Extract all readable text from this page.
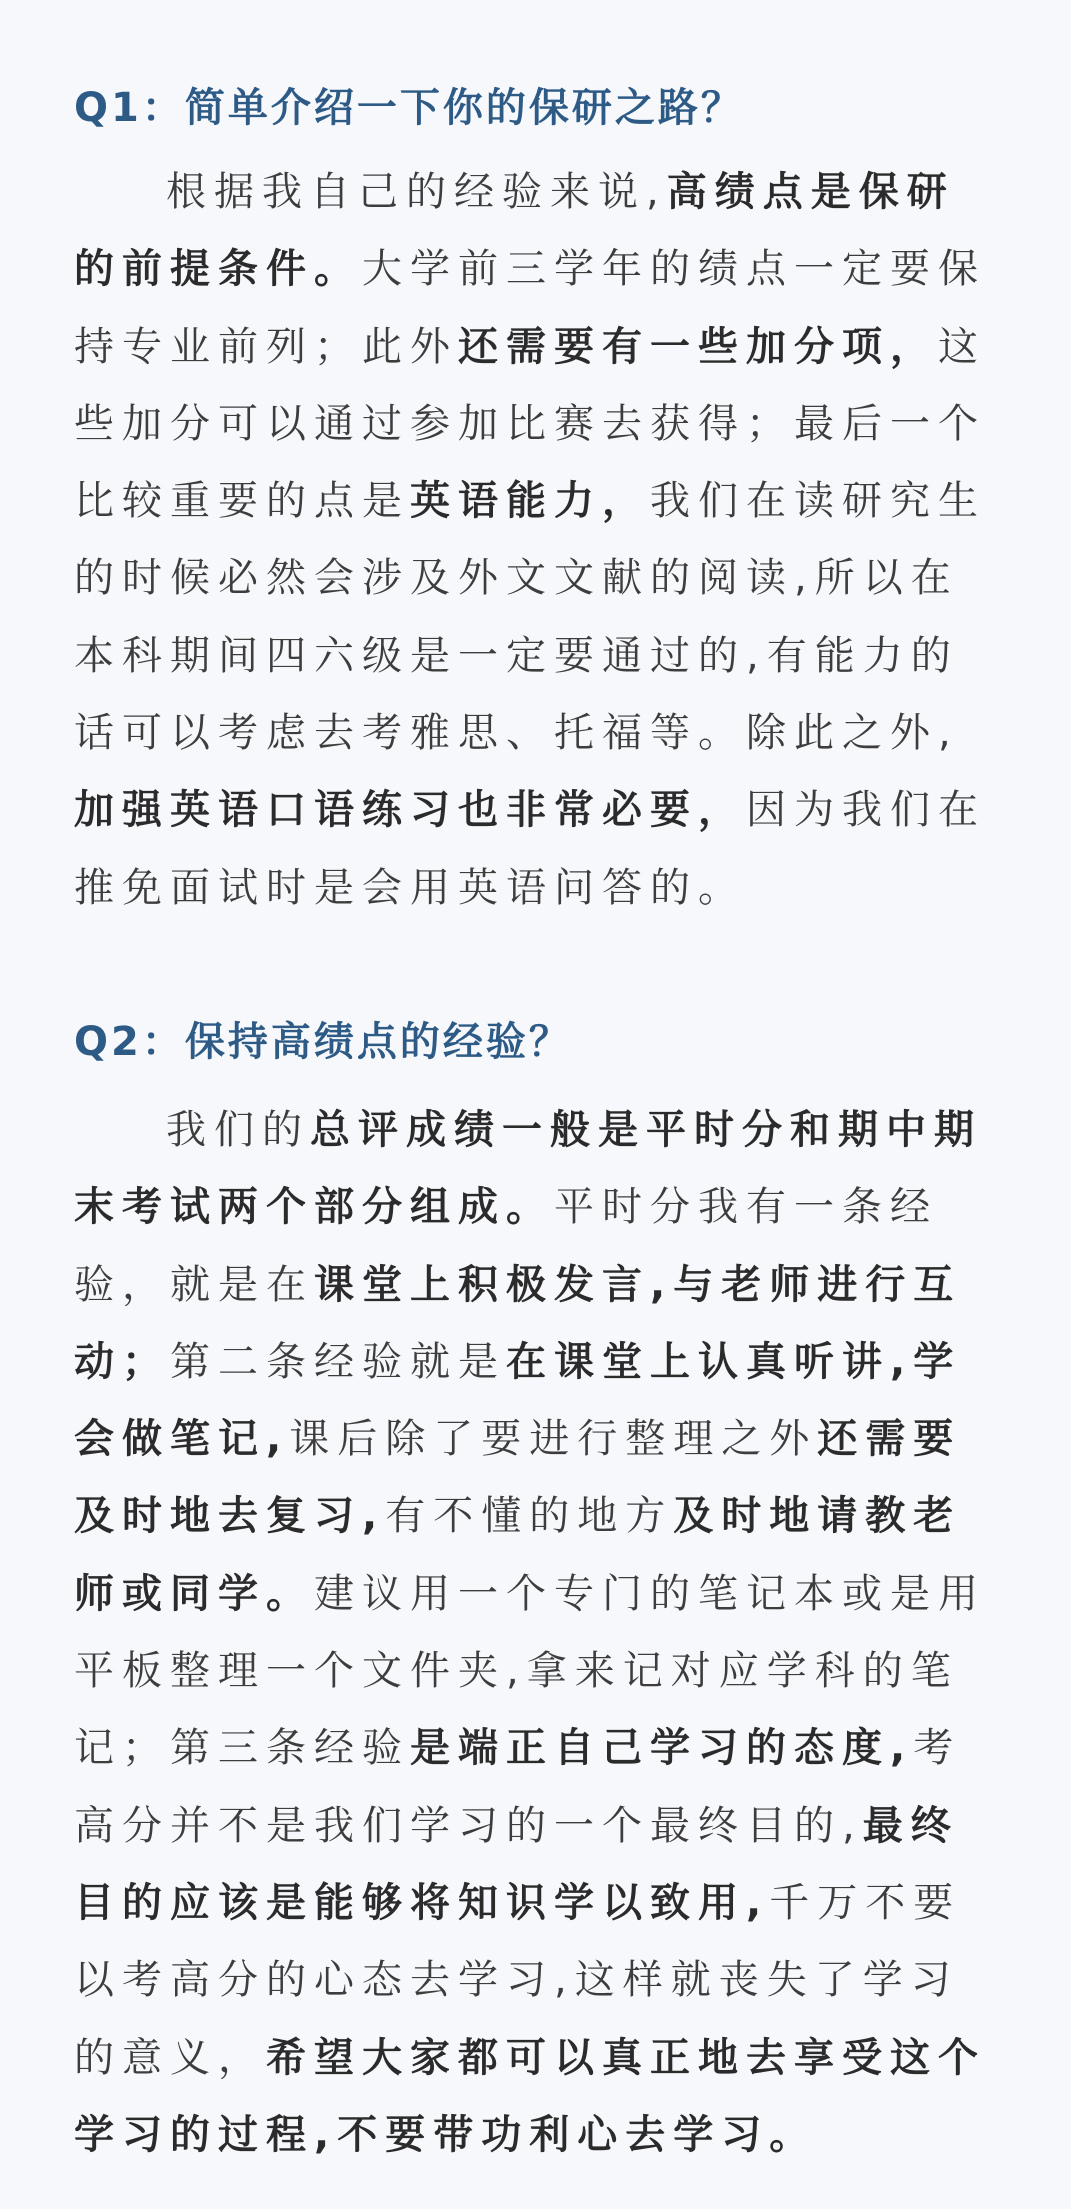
Q1：简单介绍一下你的保研之路？
根据我自己的经验来说,高绩点是保研
的前提条件。大学前三学年的绩点一定要保
持专业前列；此外还需要有一些加分项，这
些加分可以通过参加比赛去获得；最后一个
比较重要的点是英语能力，我们在读研究生
的时候必然会涉及外文文献的阅读,所以在
本科期间四六级是一定要通过的,有能力的
话可以考虑去考雅思、托福等。除此之外,
加强英语口语练习也非常必要，因为我们在
推免面试时是会用英语问答的。
Q2：保持高绩点的经验？
我们的总评成绩一般是平时分和期中期
末考试两个部分组成。平时分我有一条经
验，就是在课堂上积极发言,与老师进行互
动；第二条经验就是在课堂上认真听讲,学
会做笔记,课后除了要进行整理之外还需要
及时地去复习,有不懂的地方及时地请教老
师或同学。建议用一个专门的笔记本或是用
平板整理一个文件夹,拿来记对应学科的笔
记；第三条经验是端正自己学习的态度,考
高分并不是我们学习的一个最终目的,最终
目的应该是能够将知识学以致用,千万不要
以考高分的心态去学习,这样就丧失了学习
的意义，希望大家都可以真正地去享受这个
学习的过程,不要带功利心去学习。
